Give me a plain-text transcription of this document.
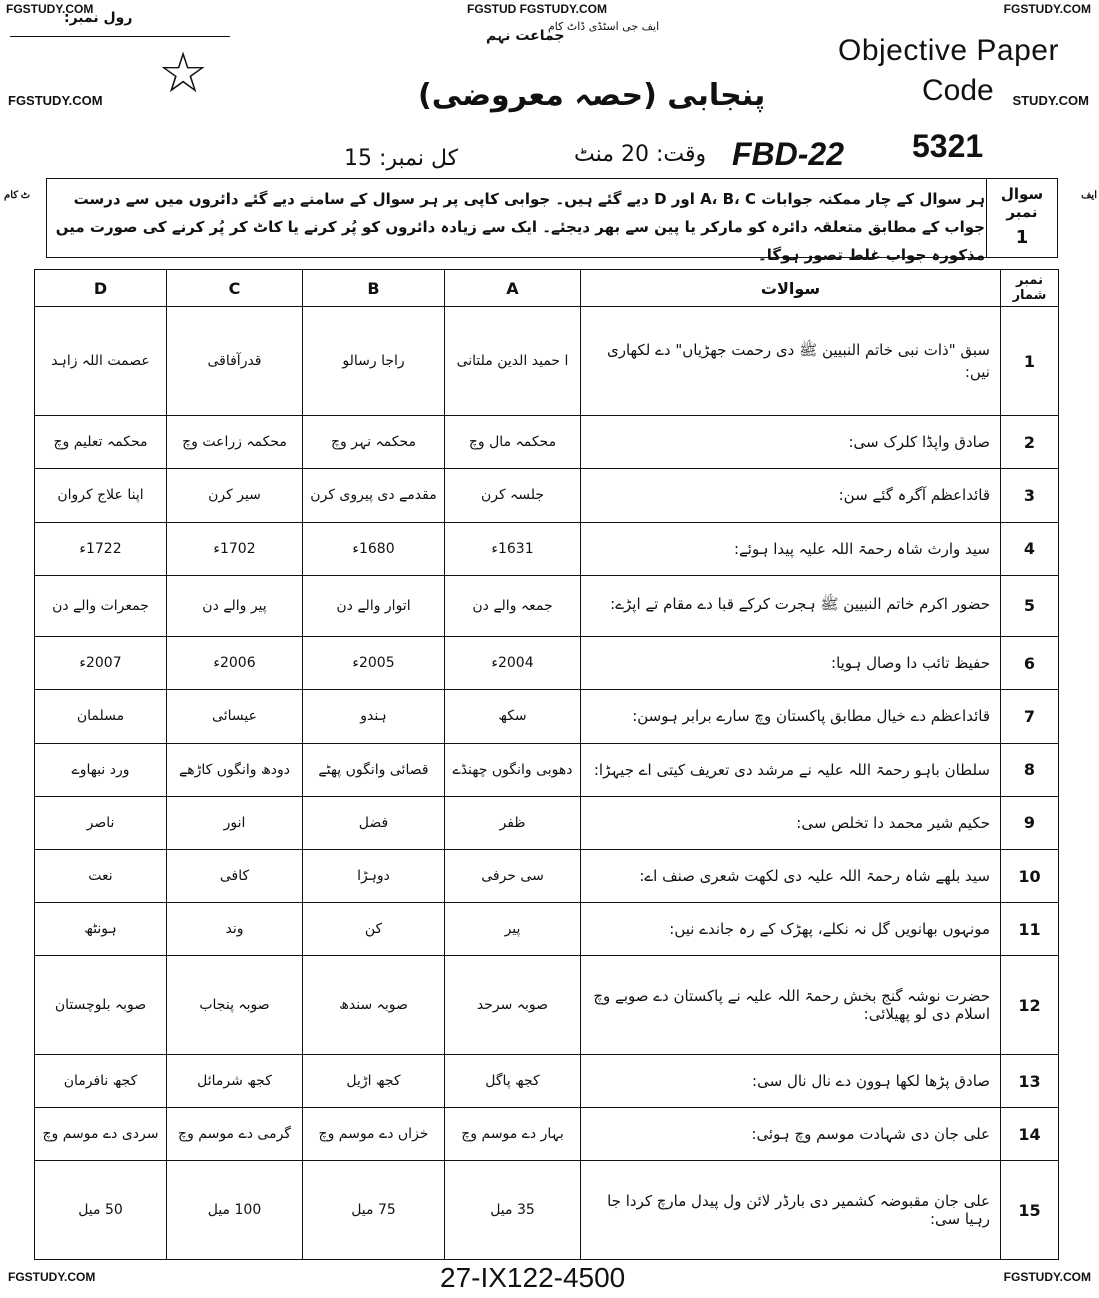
FGSTUDY.COM	FGSTUD FGSTUDY.COM	FGSTUDY.COM
FGSTUDY.COM
رول نمبر:
☆
ایف جی اسٹڈی ڈاٹ کام
جماعت نہم
پنجابی (حصہ معروضی)
Objective Paper
Code STUDY.COM
5321
FBD-22
وقت: 20 منٹ
کل نمبر: 15
ٹ کام	ایف
ہر سوال کے چار ممکنہ جوابات A، B، C اور D دیے گئے ہیں۔ جوابی کاپی پر ہر سوال کے سامنے دیے گئے دائروں میں سے درست جواب کے مطابق متعلقہ دائرہ کو مارکر یا پین سے بھر دیجئے۔ ایک سے زیادہ دائروں کو پُر کرنے یا کاٹ کر پُر کرنے کی صورت میں مذکورہ جواب غلط تصور ہوگا۔
سوال نمبر
1
D	C	B	A	سوالات	نمبر شمار
عصمت اللہ زاہد	قدرآفاقی	راجا رسالو	ا حمید الدین ملتانی	سبق "ذات نبی خاتم النبیین ﷺ دی رحمت جھڑیاں" دے لکھاری نیں:	1
محکمہ تعلیم وچ	محکمہ زراعت وچ	محکمہ نہر وچ	محکمہ مال وچ	صادق واپڈا کلرک سی:	2
اپنا علاج کروان	سیر کرن	مقدمے دی پیروی کرن	جلسہ کرن	قائداعظم آگرہ گئے سن:	3
1722ء	1702ء	1680ء	1631ء	سید وارث شاہ رحمۃ اللہ علیہ پیدا ہوئے:	4
جمعرات والے دن	پیر والے دن	اتوار والے دن	جمعہ والے دن	حضور اکرم خاتم النبیین ﷺ ہجرت کرکے قبا دے مقام تے اپڑے:	5
2007ء	2006ء	2005ء	2004ء	حفیظ تائب دا وصال ہویا:	6
مسلمان	عیسائی	ہندو	سکھ	قائداعظم دے خیال مطابق پاکستان وچ سارے برابر ہوسن:	7
ورد نبھاوے	دودھ وانگوں کاڑھے	قصائی وانگوں پھٹے	دھوبی وانگوں چھنڈے	سلطان باہو رحمۃ اللہ علیہ نے مرشد دی تعریف کیتی اے جیہڑا:	8
ناصر	انور	فضل	ظفر	حکیم شیر محمد دا تخلص سی:	9
نعت	کافی	دوہڑا	سی حرفی	سید بلھے شاہ رحمۃ اللہ علیہ دی لکھت شعری صنف اے:	10
ہونٹھ	وند	کن	پیر	مونہوں بھانویں گل نہ نکلے، پھڑک کے رہ جاندے نیں:	11
صوبہ بلوچستان	صوبہ پنجاب	صوبہ سندھ	صوبہ سرحد	حضرت نوشہ گنج بخش رحمۃ اللہ علیہ نے پاکستان دے صوبے وچ اسلام دی لو پھیلائی:	12
کجھ نافرمان	کجھ شرمائل	کجھ اڑیل	کجھ پاگل	صادق پڑھا لکھا ہوون دے نال نال سی:	13
سردی دے موسم وچ	گرمی دے موسم وچ	خزاں دے موسم وچ	بہار دے موسم وچ	علی جان دی شہادت موسم وچ ہوئی:	14
50 میل	100 میل	75 میل	35 میل	علی جان مقبوضہ کشمیر دی بارڈر لائن ول پیدل مارچ کردا جا رہیا سی:	15
FGSTUDY.COM	27-IX122-4500	FGSTUDY.COM
